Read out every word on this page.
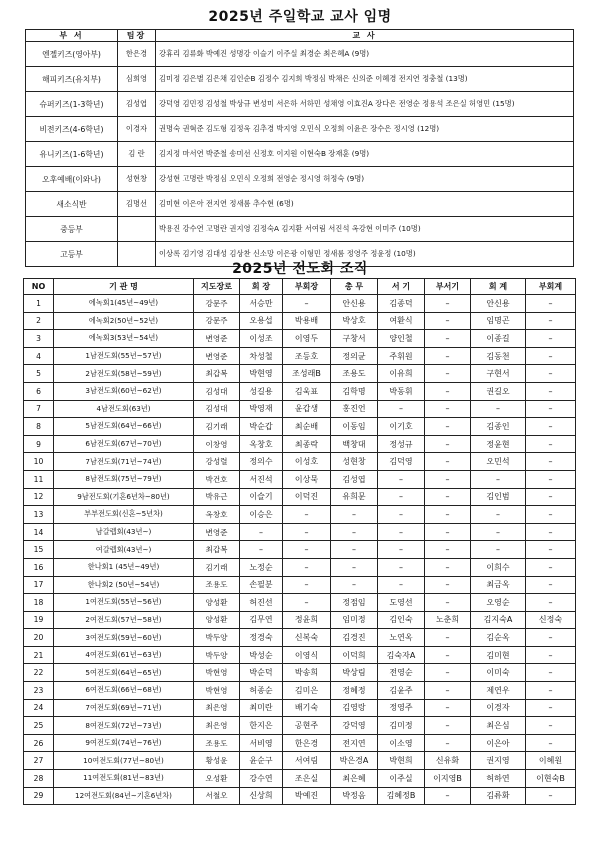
2025년 주일학교 교사 임명
부 서	팀장	교 사
엔젤키즈(영아부)	한은경	강휴리 김류화 박예진 성명강 이슬기 이주실 최경순 최은혜A (9명)
해피키즈(유치부)	심희영	김미정 김은별 김은채 김인순B 김정수 김지희 박정심 박채은 신의준 이혜경 전지연 정충철 (13명)
슈퍼키즈(1-3학년)	김성엽	강덕영 김민정 김성철 박상규 변성미 서은하 서하민 성채영 이효진A 장다은 전영순 정용석 조은실 허영민 (15명)
비전키즈(4-6학년)	이경자	권명숙 권혁준 김도형 김정욱 김추경 박지영 오민식 오정희 이윤은 장수은 정시영 (12명)
유니키즈(1-6학년)	김 란	김지정 마서연 박준철 송미선 신정호 이지원 이현숙B 장재훈 (9명)
오후예배(이와나)	성현창	강성현 고명란 박정심 오민식 오정희 전영순 정시영 허정숙 (9명)
새소식반	김명선	김미현 이은아 전지연 정새롬 추수현 (6명)
중등부		박용진 강수연 고명란 권지영 김정숙A 김지환 서여림 서진석 옥강현 이미주 (10명)
고등부		이상록 김기영 김대성 김상찬 신소망 이은광 이형민 정새롬 정영주 정윤정 (10명)
2025년 전도회 조직
NO	기 관 명	지도장로	회 장	부회장	총 무	서 기	부서기	회 계	부회계
1	에녹회1(45년~49년)	강문주	서승만	–	안신용	김종덕	–	안신용	–
2	에녹회2(50년~52년)	강문주	오용섭	박용배	박상호	여환식	–	임명곤	–
3	에녹회3(53년~54년)	변영준	이성조	이영두	구창서	양인철	–	이종길	–
4	1남전도회(55년~57년)	변영준	차성철	조등호	정의균	주휘원	–	김동천	–
5	2남전도회(58년~59년)	최갑복	박현영	조성래B	조용도	이유희	–	구현서	–
6	3남전도회(60년~62년)	김성대	성길용	김욱표	김학명	박동휘	–	권길오	–
7	4남전도회(63년)	김성대	박영재	윤갑생	홍진언	–	–	–	–
8	5남전도회(64년~66년)	김기래	박순갑	최순배	이동임	이기호	–	김종인	–
9	6남전도회(67년~70년)	이창영	옥창호	최종락	백창대	정성규	–	정윤현	–
10	7남전도회(71년~74년)	강성렬	정의수	이성호	성현창	김덕영	–	오민석	–
11	8남전도회(75년~79년)	박건호	서진석	이상묵	김성엽	–	–	–	–
12	9남전도회(기혼6년차~80년)	박유근	이슬기	이덕진	유희문	–	–	김인범	–
13	부부전도회(신혼~5년차)	옥창호	이승은	–	–	–	–	–	–
14	남갈렙회(43년~)	변영준	–	–	–	–	–	–	–
15	여갈렙회(43년~)	최갑복	–	–	–	–	–	–	–
16	한나회1 (45년~49년)	김기래	노정순	–	–	–	–	이희수	–
17	한나회2 (50년~54년)	조용도	손필분	–	–	–	–	최금옥	–
18	1여전도회(55년~56년)	양성환	허진선	–	정점임	도영선	–	오영순	–
19	2여전도회(57년~58년)	양성환	김무연	정윤희	임미정	김인숙	노춘희	김지숙A	신정숙
20	3여전도회(59년~60년)	박두양	정경숙	신복숙	김경진	노연옥	–	김순옥	–
21	4여전도회(61년~63년)	박두양	박성순	이영식	이덕희	김숙자A	–	김미현	–
22	5여전도회(64년~65년)	박현영	박순덕	박송희	박상림	전영순	–	이미숙	–
23	6여전도회(66년~68년)	박현영	허종순	김미은	정혜정	김윤주	–	제연우	–
24	7여전도회(69년~71년)	최은영	최미란	배기숙	김영랑	정영주	–	이경자	–
25	8여전도회(72년~73년)	최은영	한지은	공현주	강덕영	김미정	–	최은심	–
26	9여전도회(74년~76년)	조용도	서비영	한은경	전지연	이소영	–	이은아	–
27	10여전도회(77년~80년)	황성윤	윤순구	서여림	박은경A	박현희	신유화	권지영	이혜원
28	11여전도회(81년~83년)	오성환	강수연	조은실	최은혜	이주실	이지영B	허하연	이현숙B
29	12여전도회(84년~기혼6년차)	서철오	신상희	박예진	박정음	김혜정B	–	김류화	–
